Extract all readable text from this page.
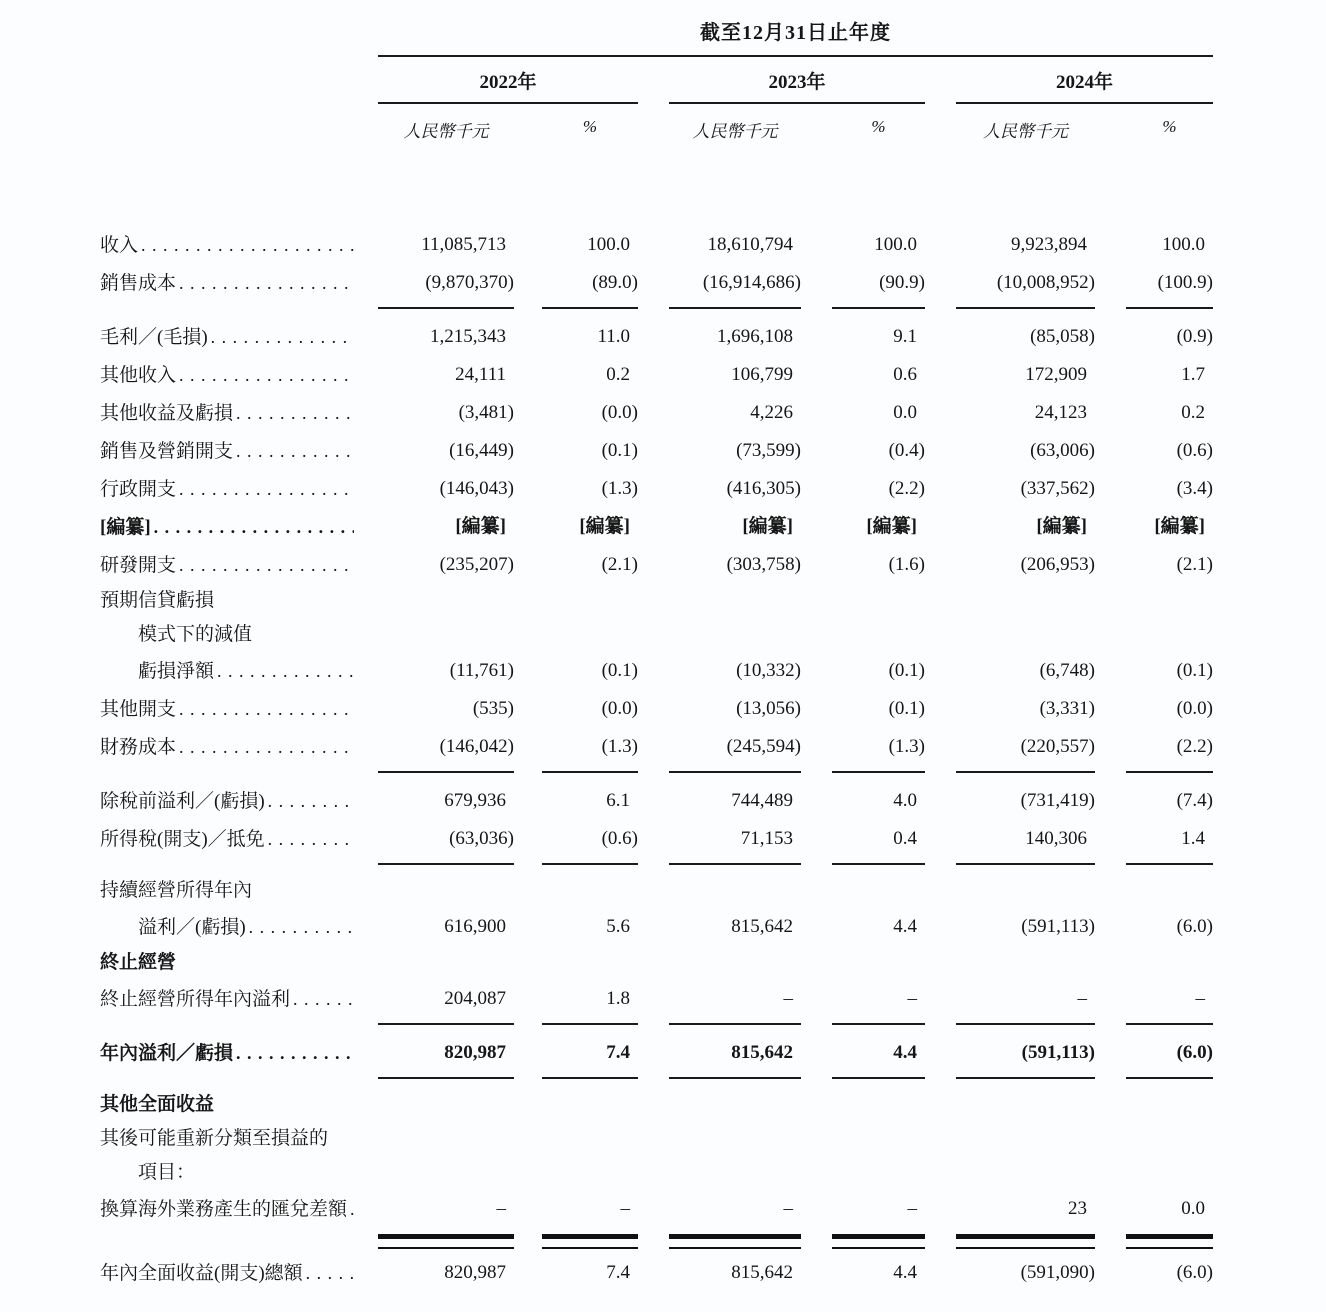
截至12月31日止年度
2022年	2023年	2024年
人民幣千元	%	人民幣千元	%	人民幣千元	%
收入 . . .	11,085,713	100.0	18,610,794	100.0	9,923,894	100.0
銷售成本 . . .	(9,870,370)	(89.0)	(16,914,686)	(90.9)	(10,008,952)	(100.9)
毛利／(毛損) . . .	1,215,343	11.0	1,696,108	9.1	(85,058)	(0.9)
其他收入 . . .	24,111	0.2	106,799	0.6	172,909	1.7
其他收益及虧損 . . .	(3,481)	(0.0)	4,226	0.0	24,123	0.2
銷售及營銷開支 . . .	(16,449)	(0.1)	(73,599)	(0.4)	(63,006)	(0.6)
行政開支 . . .	(146,043)	(1.3)	(416,305)	(2.2)	(337,562)	(3.4)
[編纂] . . .	[編纂]	[編纂]	[編纂]	[編纂]	[編纂]	[編纂]
研發開支 . . .	(235,207)	(2.1)	(303,758)	(1.6)	(206,953)	(2.1)
預期信貸虧損
模式下的減值
虧損淨額 . . .	(11,761)	(0.1)	(10,332)	(0.1)	(6,748)	(0.1)
其他開支 . . .	(535)	(0.0)	(13,056)	(0.1)	(3,331)	(0.0)
財務成本 . . .	(146,042)	(1.3)	(245,594)	(1.3)	(220,557)	(2.2)
除稅前溢利／(虧損) . . .	679,936	6.1	744,489	4.0	(731,419)	(7.4)
所得稅(開支)／抵免 . . .	(63,036)	(0.6)	71,153	0.4	140,306	1.4
持續經營所得年內
溢利／(虧損) . . .	616,900	5.6	815,642	4.4	(591,113)	(6.0)
終止經營
終止經營所得年內溢利 . . .	204,087	1.8	–	–	–	–
年內溢利／虧損 . . .	820,987	7.4	815,642	4.4	(591,113)	(6.0)
其他全面收益
其後可能重新分類至損益的
項目：
換算海外業務產生的匯兌差額 . . .	–	–	–	–	23	0.0
年內全面收益(開支)總額 . . .	820,987	7.4	815,642	4.4	(591,090)	(6.0)
